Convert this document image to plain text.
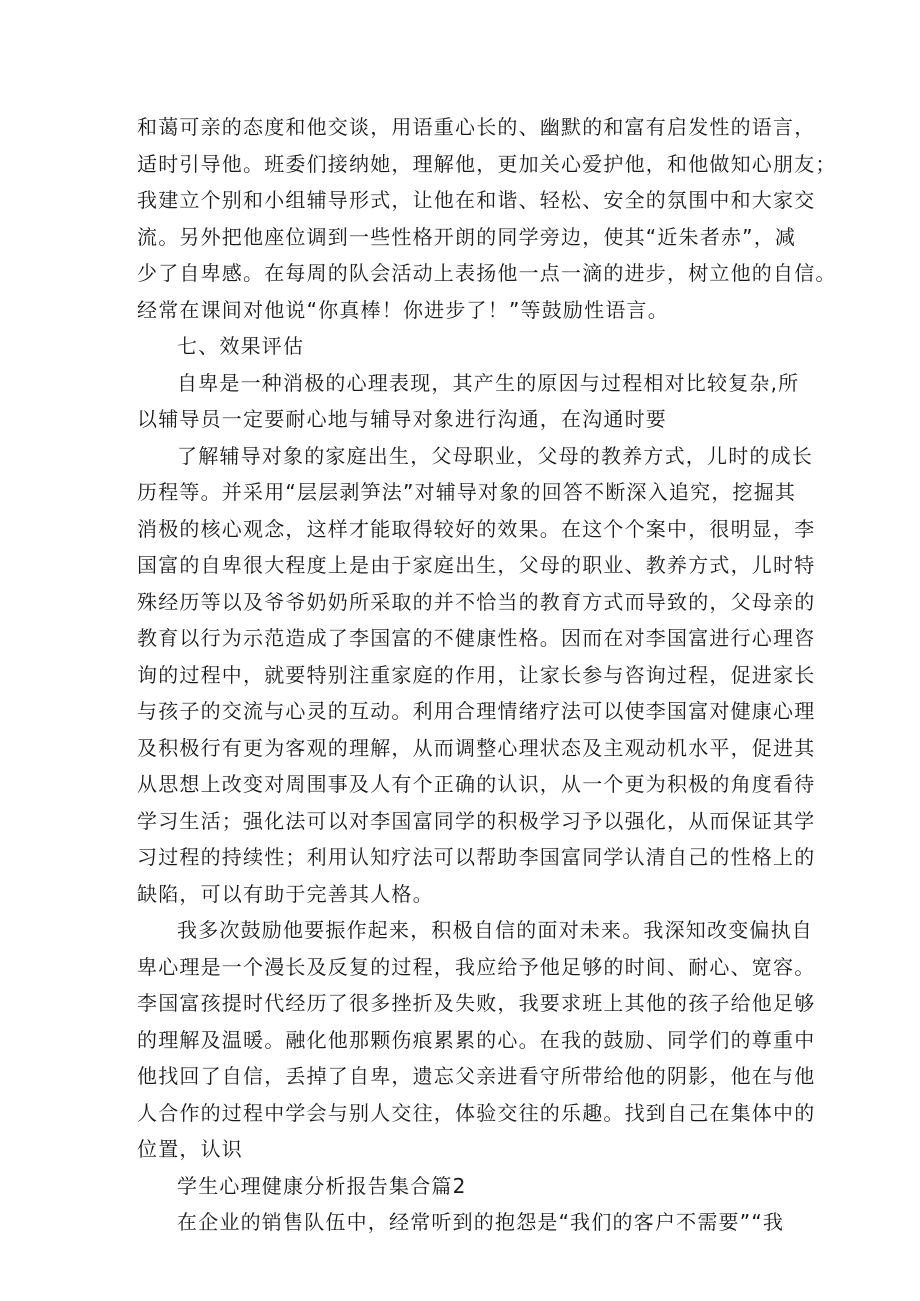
和蔼可亲的态度和他交谈，用语重心长的、幽默的和富有启发性的语言，
适时引导他。班委们接纳她，理解他，更加关心爱护他，和他做知心朋友；
我建立个别和小组辅导形式，让他在和谐、轻松、安全的氛围中和大家交
流。另外把他座位调到一些性格开朗的同学旁边，使其“近朱者赤”，减
少了自卑感。在每周的队会活动上表扬他一点一滴的进步，树立他的自信。
经常在课间对他说“你真棒！你进步了！”等鼓励性语言。
七、效果评估
自卑是一种消极的心理表现，其产生的原因与过程相对比较复杂,所
以辅导员一定要耐心地与辅导对象进行沟通，在沟通时要
了解辅导对象的家庭出生，父母职业，父母的教养方式，儿时的成长
历程等。并采用“层层剥笋法”对辅导对象的回答不断深入追究，挖掘其
消极的核心观念，这样才能取得较好的效果。在这个个案中，很明显，李
国富的自卑很大程度上是由于家庭出生，父母的职业、教养方式，儿时特
殊经历等以及爷爷奶奶所采取的并不恰当的教育方式而导致的，父母亲的
教育以行为示范造成了李国富的不健康性格。因而在对李国富进行心理咨
询的过程中，就要特别注重家庭的作用，让家长参与咨询过程，促进家长
与孩子的交流与心灵的互动。利用合理情绪疗法可以使李国富对健康心理
及积极行有更为客观的理解，从而调整心理状态及主观动机水平，促进其
从思想上改变对周围事及人有个正确的认识，从一个更为积极的角度看待
学习生活；强化法可以对李国富同学的积极学习予以强化，从而保证其学
习过程的持续性；利用认知疗法可以帮助李国富同学认清自己的性格上的
缺陷，可以有助于完善其人格。
我多次鼓励他要振作起来，积极自信的面对未来。我深知改变偏执自
卑心理是一个漫长及反复的过程，我应给予他足够的时间、耐心、宽容。
李国富孩提时代经历了很多挫折及失败，我要求班上其他的孩子给他足够
的理解及温暖。融化他那颗伤痕累累的心。在我的鼓励、同学们的尊重中
他找回了自信，丢掉了自卑，遗忘父亲进看守所带给他的阴影，他在与他
人合作的过程中学会与别人交往，体验交往的乐趣。找到自己在集体中的
位置，认识
学生心理健康分析报告集合篇2
在企业的销售队伍中，经常听到的抱怨是“我们的客户不需要”“我
